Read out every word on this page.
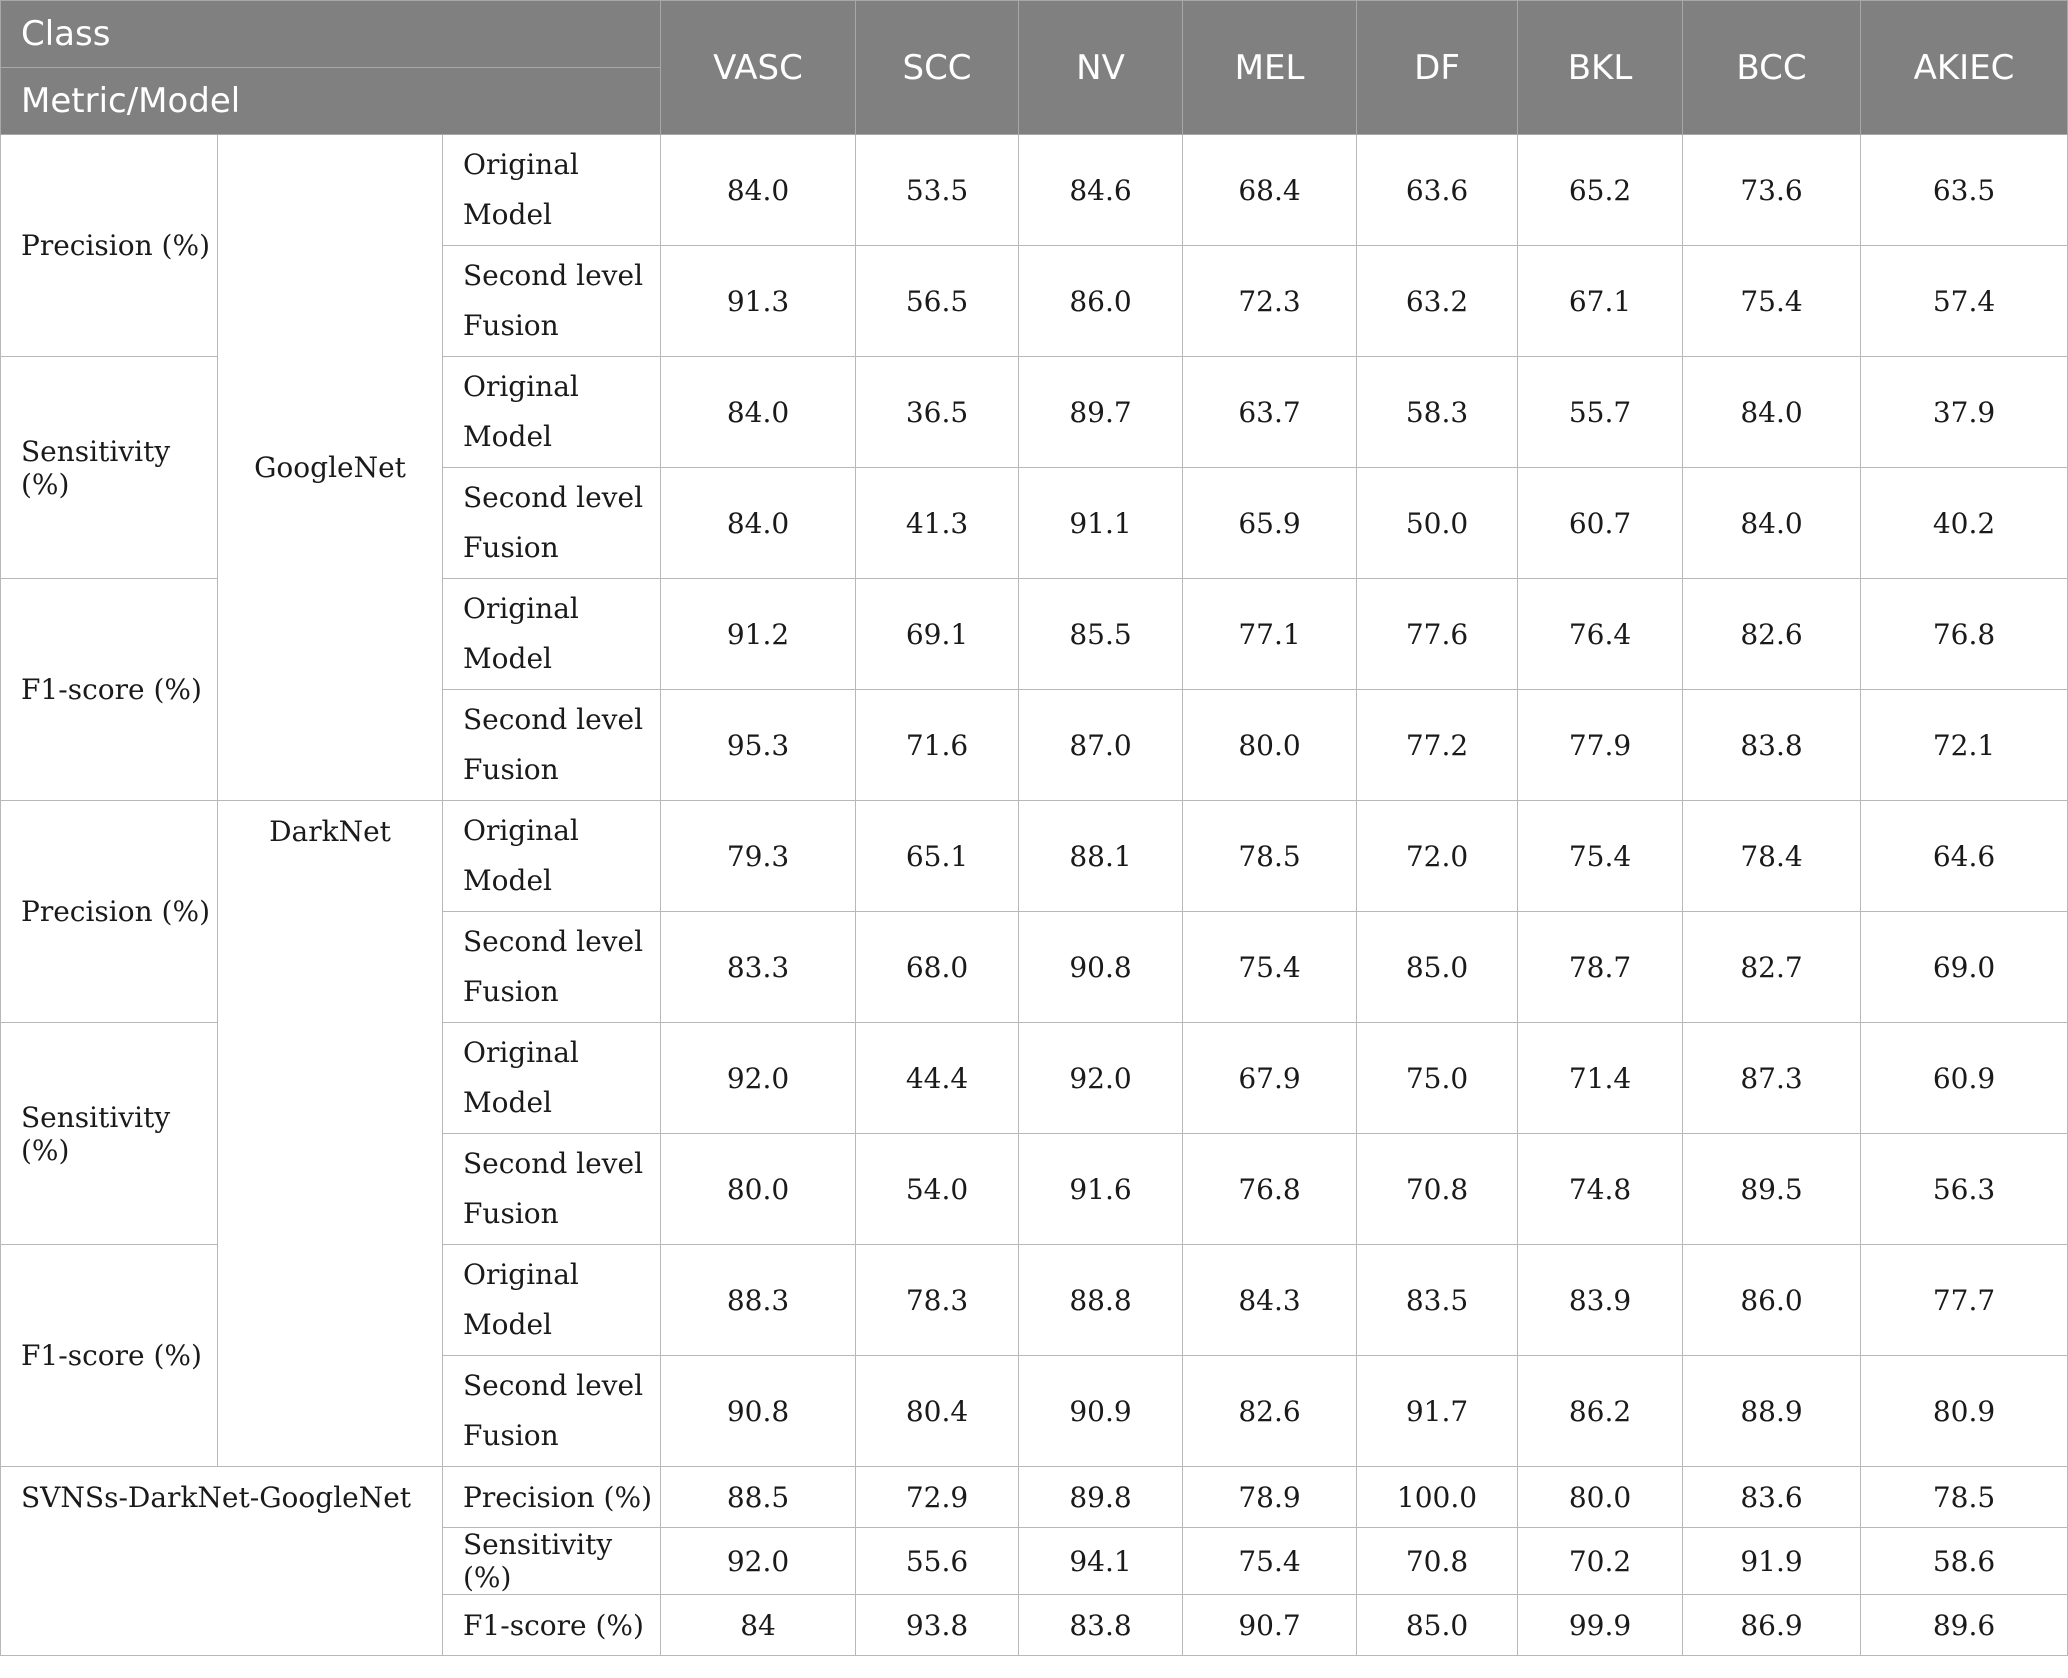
Class			VASC	SCC	NV	MEL	DF	BKL	BCC	AKIEC
Metric/Model										
Precision (%)	GoogleNet	Original Model	84.0	53.5	84.6	68.4	63.6	65.2	73.6	63.5
		Second level Fusion	91.3	56.5	86.0	72.3	63.2	67.1	75.4	57.4
Sensitivity (%)		Original Model	84.0	36.5	89.7	63.7	58.3	55.7	84.0	37.9
		Second level Fusion	84.0	41.3	91.1	65.9	50.0	60.7	84.0	40.2
F1-score (%)		Original Model	91.2	69.1	85.5	77.1	77.6	76.4	82.6	76.8
		Second level Fusion	95.3	71.6	87.0	80.0	77.2	77.9	83.8	72.1
Precision (%)	DarkNet	Original Model	79.3	65.1	88.1	78.5	72.0	75.4	78.4	64.6
		Second level Fusion	83.3	68.0	90.8	75.4	85.0	78.7	82.7	69.0
Sensitivity (%)		Original Model	92.0	44.4	92.0	67.9	75.0	71.4	87.3	60.9
		Second level Fusion	80.0	54.0	91.6	76.8	70.8	74.8	89.5	56.3
F1-score (%)		Original Model	88.3	78.3	88.8	84.3	83.5	83.9	86.0	77.7
		Second level Fusion	90.8	80.4	90.9	82.6	91.7	86.2	88.9	80.9
SVNSs-DarkNet-GoogleNet		Precision (%)	88.5	72.9	89.8	78.9	100.0	80.0	83.6	78.5
		Sensitivity (%)	92.0	55.6	94.1	75.4	70.8	70.2	91.9	58.6
		F1-score (%)	84	93.8	83.8	90.7	85.0	99.9	86.9	89.6
